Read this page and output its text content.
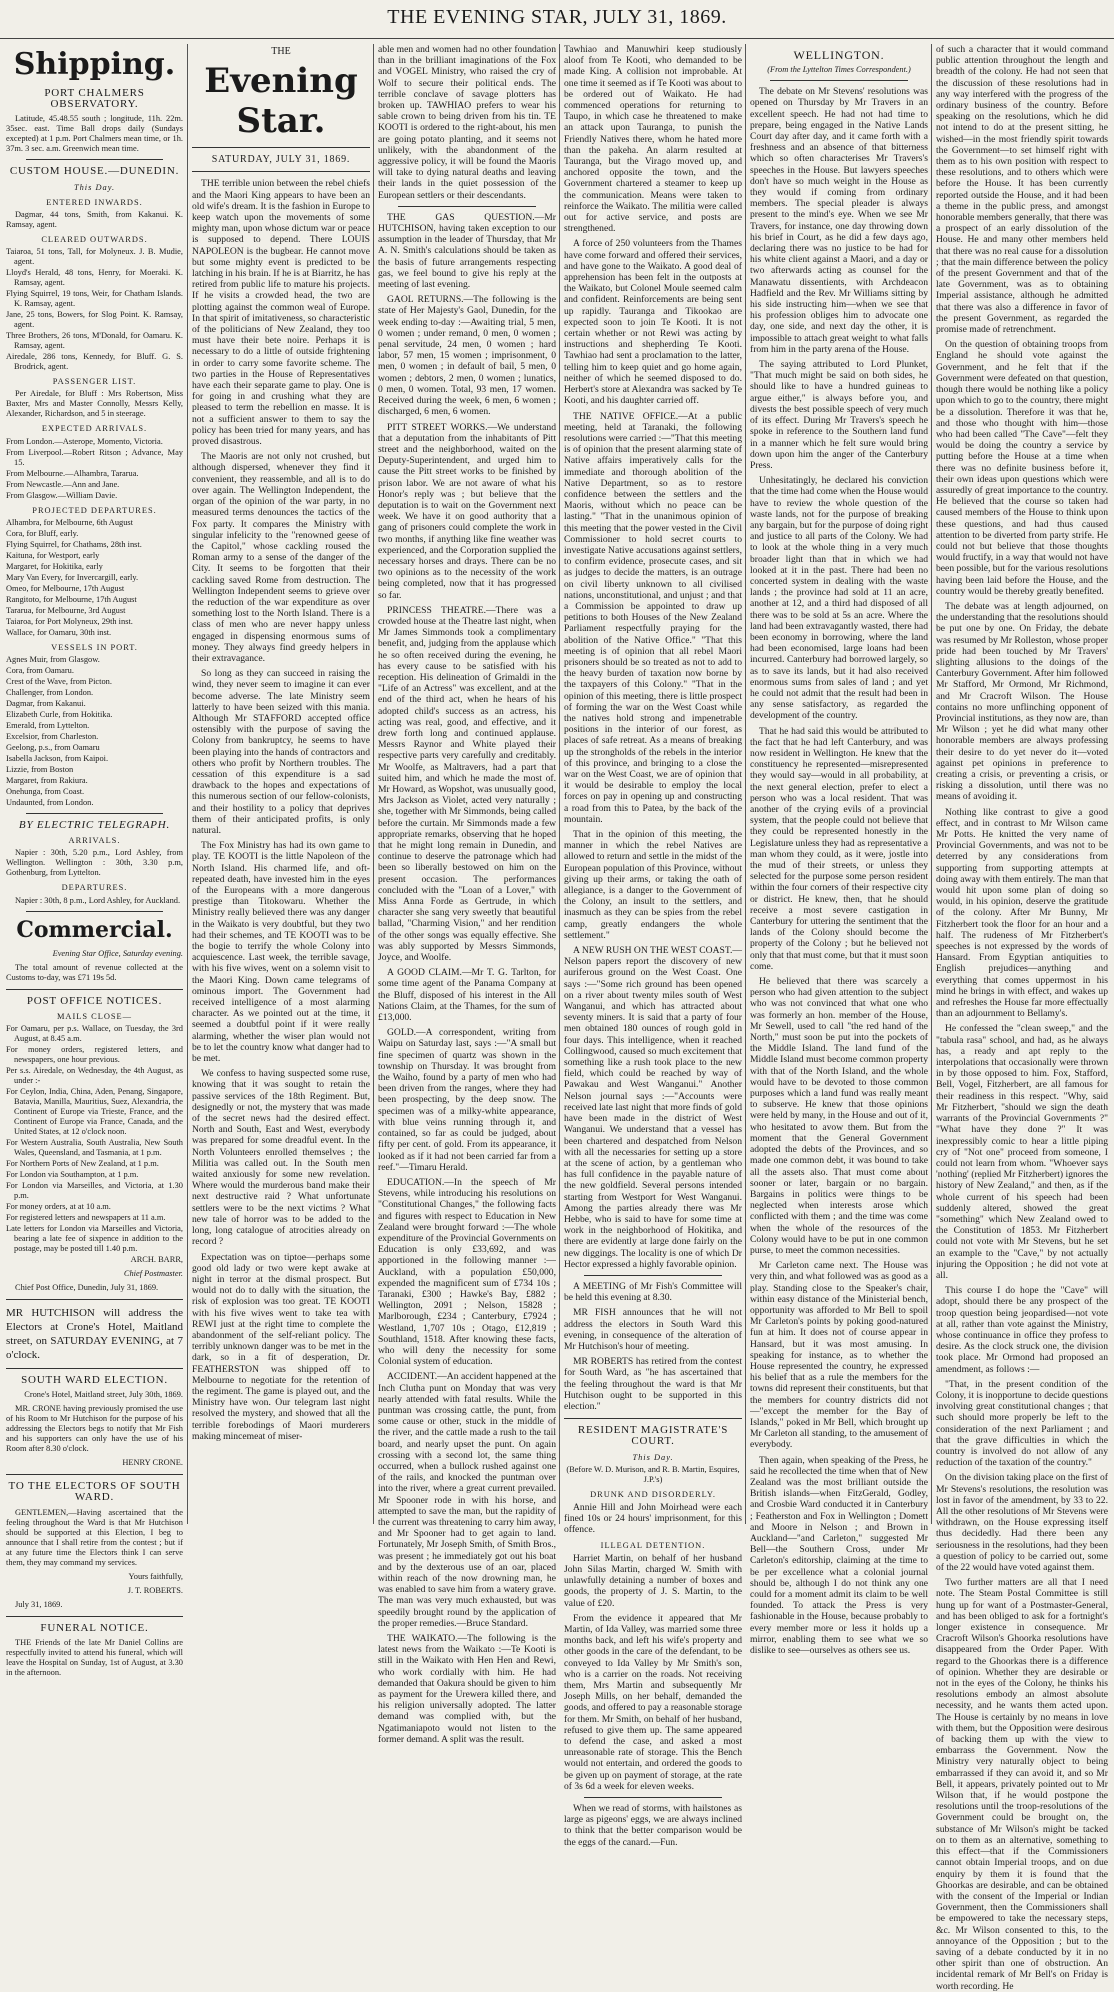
THE EVENING STAR, JULY 31, 1869.
Shipping.
PORT CHALMERS OBSERVATORY.

Latitude, 45.48.55 south ; longitude, 11h. 22m. 35sec. east. Time Ball drops daily (Sundays excepted) at 1 p.m. Port Chalmers mean time, or 1h. 37m. 3 sec. a.m. Greenwich mean time.

CUSTOM HOUSE.—DUNEDIN.
This Day.
ENTERED INWARDS.

Dagmar, 44 tons, Smith, from Kakanui. K. Ramsay, agent.

CLEARED OUTWARDS.

Taiaroa, 51 tons, Tall, for Molyneux. J. B. Mudie, agent.

Lloyd's Herald, 48 tons, Henry, for Moeraki. K. Ramsay, agent.

Flying Squirrel, 19 tons, Weir, for Chatham Islands. K. Ramsay, agent.

Jane, 25 tons, Bowers, for Slog Point. K. Ramsay, agent.

Three Brothers, 26 tons, M'Donald, for Oamaru. K. Ramsay, agent.

Airedale, 286 tons, Kennedy, for Bluff. G. S. Brodrick, agent.

PASSENGER LIST.

Per Airedale, for Bluff : Mrs Robertson, Miss Baxter, Mrs and Master Connolly, Messrs Kelly, Alexander, Richardson, and 5 in steerage.

EXPECTED ARRIVALS.

From London.—Asterope, Momento, Victoria.

From Liverpool.—Robert Ritson ; Advance, May 15.

From Melbourne.—Alhambra, Tararua.

From Newcastle.—Ann and Jane.

From Glasgow.—William Davie.

PROJECTED DEPARTURES.

Alhambra, for Melbourne, 6th August

Cora, for Bluff, early.

Flying Squirrel, for Chathams, 28th inst.

Kaituna, for Westport, early

Margaret, for Hokitika, early

Mary Van Every, for Invercargill, early.

Omeo, for Melbourne, 17th August

Rangitoto, for Melbourne, 17th August

Tararua, for Melbourne, 3rd August

Taiaroa, for Port Molyneux, 29th inst.

Wallace, for Oamaru, 30th inst.

VESSELS IN PORT.

Agnes Muir, from Glasgow.

Cora, from Oamaru.

Crest of the Wave, from Picton.

Challenger, from London.

Dagmar, from Kakanui.

Elizabeth Curle, from Hokitika.

Emerald, from Lyttelton.

Excelsior, from Charleston.

Geelong, p.s., from Oamaru

Isabella Jackson, from Kaipoi.

Lizzie, from Boston

Margaret, from Rakiura.

Onehunga, from Coast.

Undaunted, from London.

BY ELECTRIC TELEGRAPH.
ARRIVALS.

Napier : 30th, 5.20 p.m., Lord Ashley, from Wellington. Wellington : 30th, 3.30 p.m, Gothenburg, from Lyttelton.

DEPARTURES.

Napier : 30th, 8 p.m., Lord Ashley, for Auckland.

Commercial.

Evening Star Office, Saturday evening.

The total amount of revenue collected at the Customs to-day, was £71 19s 5d.

POST OFFICE NOTICES.
MAILS CLOSE—

For Oamaru, per p.s. Wallace, on Tuesday, the 3rd August, at 8.45 a.m.

For money orders, registered letters, and newspapers, one hour previous.

Per s.s. Airedale, on Wednesday, the 4th August, as under :-

For Ceylon, India, China, Aden, Penang, Singapore, Batavia, Manilla, Mauritius, Suez, Alexandria, the Continent of Europe via Trieste, France, and the Continent of Europe via France, Canada, and the United States, at 12 o'clock noon.

For Western Australia, South Australia, New South Wales, Queensland, and Tasmania, at 1 p.m.

For Northern Ports of New Zealand, at 1 p.m.

For London via Southampton, at 1 p.m.

For London via Marseilles, and Victoria, at 1.30 p.m.

For money orders, at at 10 a.m.

For registered letters and newspapers at 11 a.m.

Late letters for London via Marseilles and Victoria, bearing a late fee of sixpence in addition to the postage, may be posted till 1.40 p.m.

ARCH. BARR,

Chief Postmaster.

Chief Post Office, Dunedin, July 31, 1869.

MR HUTCHISON will address the Electors at Crone's Hotel, Maitland street, on SATURDAY EVENING, at 7 o'clock.

SOUTH WARD ELECTION.

Crone's Hotel, Maitland street, July 30th, 1869.

MR. CRONE having previously promised the use of his Room to Mr Hutchison for the purpose of his addressing the Electors begs to notify that Mr Fish and his supporters can only have the use of his Room after 8.30 o'clock.

HENRY CRONE.

TO THE ELECTORS OF SOUTH WARD.

GENTLEMEN,—Having ascertained that the feeling throughout the Ward is that Mr Hutchison should be supported at this Election, I beg to announce that I shall retire from the contest ; but if at any future time the Electors think I can serve them, they may command my services.

Yours faithfully,

J. T. ROBERTS.

July 31, 1869.

FUNERAL NOTICE.

THE Friends of the late Mr Daniel Collins are respectfully invited to attend his funeral, which will leave the Hospital on Sunday, 1st of August, at 3.30 in the afternoon.

THE
Evening Star.
SATURDAY, JULY 31, 1869.

THE terrible union between the rebel chiefs and the Maori King appears to have been an old wife's dream. It is the fashion in Europe to keep watch upon the movements of some mighty man, upon whose dictum war or peace is supposed to depend. There LOUIS NAPOLEON is the bugbear. He cannot move but some mighty event is predicted to be latching in his brain. If he is at Biarritz, he has retired from public life to mature his projects. If he visits a crowded head, the two are plotting against the common weal of Europe. In that spirit of imitativeness, so characteristic of the politicians of New Zealand, they too must have their bete noire. Perhaps it is necessary to do a little of outside frightening in order to carry some favorite scheme. The two parties in the House of Representatives have each their separate game to play. One is for going in and crushing what they are pleased to term the rebellion en masse. It is not a sufficient answer to them to say the policy has been tried for many years, and has proved disastrous.

The Maoris are not only not crushed, but although dispersed, whenever they find it convenient, they reassemble, and all is to do over again. The Wellington Independent, the organ of the opinion of the war party, in no measured terms denounces the tactics of the Fox party. It compares the Ministry with singular infelicity to the "renowned geese of the Capitol," whose cackling roused the Roman army to a sense of the danger of the City. It seems to be forgotten that their cackling saved Rome from destruction. The Wellington Independent seems to grieve over the reduction of the war expenditure as over something lost to the North Island. There is a class of men who are never happy unless engaged in dispensing enormous sums of money. They always find greedy helpers in their extravagance.

So long as they can succeed in raising the wind, they never seem to imagine it can ever become adverse. The late Ministry seem latterly to have been seized with this mania. Although Mr STAFFORD accepted office ostensibly with the purpose of saving the Colony from bankruptcy, he seems to have been playing into the hands of contractors and others who profit by Northern troubles. The cessation of this expenditure is a sad drawback to the hopes and expectations of this numerous section of our fellow-colonists, and their hostility to a policy that deprives them of their anticipated profits, is only natural.

The Fox Ministry has had its own game to play. TE KOOTI is the little Napoleon of the North Island. His charmed life, and oft-repeated death, have invested him in the eyes of the Europeans with a more dangerous prestige than Titokowaru. Whether the Ministry really believed there was any danger in the Waikato is very doubtful, but they two had their schemes, and TE KOOTI was to be the bogie to terrify the whole Colony into acquiescence. Last week, the terrible savage, with his five wives, went on a solemn visit to the Maori King. Down came telegrams of ominous import. The Government had received intelligence of a most alarming character. As we pointed out at the time, it seemed a doubtful point if it were really alarming, whether the wiser plan would not be to let the country know what danger had to be met.

We confess to having suspected some ruse, knowing that it was sought to retain the passive services of the 18th Regiment. But, designedly or not, the mystery that was made of the secret news had the desired effect. North and South, East and West, everybody was prepared for some dreadful event. In the North Volunteers enrolled themselves ; the Militia was called out. In the South men waited anxiously for some new revelation. Where would the murderous band make their next destructive raid ? What unfortunate settlers were to be the next victims ? What new tale of horror was to be added to the long, long catalogue of atrocities already on record ?

Expectation was on tiptoe—perhaps some good old lady or two were kept awake at night in terror at the dismal prospect. But would not do to dally with the situation, the risk of explosion was too great. TE KOOTI with his five wives went to take tea with REWI just at the right time to complete the abandonment of the self-reliant policy. The terribly unknown danger was to be met in the dark, so in a fit of desperation, Dr. FEATHERSTON was shipped off to Melbourne to negotiate for the retention of the regiment. The game is played out, and the Ministry have won. Our telegram last night resolved the mystery, and showed that all the terrible forebodings of Maori murderers making mincemeat of miser-

able men and women had no other foundation than in the brilliant imaginations of the Fox and VOGEL Ministry, who raised the cry of Wolf to secure their political ends. The terrible conclave of savage plotters has broken up. TAWHIAO prefers to wear his sable crown to being driven from his tin. TE KOOTI is ordered to the right-about, his men are going potato planting, and it seems not unlikely, with the abandonment of the aggressive policy, it will be found the Maoris will take to dying natural deaths and leaving their lands in the quiet possession of the European settlers or their descendants.

THE GAS QUESTION.—Mr HUTCHISON, having taken exception to our assumption in the leader of Thursday, that Mr A. N. Smith's calculations should be taken as the basis of future arrangements respecting gas, we feel bound to give his reply at the meeting of last evening.

GAOL RETURNS.—The following is the state of Her Majesty's Gaol, Dunedin, for the week ending to-day :—Awaiting trial, 5 men, 0 women ; under remand, 0 men, 0 women ; penal servitude, 24 men, 0 women ; hard labor, 57 men, 15 women ; imprisonment, 0 men, 0 women ; in default of bail, 5 men, 0 women ; debtors, 2 men, 0 women ; lunatics, 0 men, 0 women. Total, 93 men, 17 women. Received during the week, 6 men, 6 women ; discharged, 6 men, 6 women.

PITT STREET WORKS.—We understand that a deputation from the inhabitants of Pitt street and the neighborhood, waited on the Deputy-Superintendent, and urged him to cause the Pitt street works to be finished by prison labor. We are not aware of what his Honor's reply was ; but believe that the deputation is to wait on the Government next week. We have it on good authority that a gang of prisoners could complete the work in two months, if anything like fine weather was experienced, and the Corporation supplied the necessary horses and drays. There can be no two opinions as to the necessity of the work being completed, now that it has progressed so far.

PRINCESS THEATRE.—There was a crowded house at the Theatre last night, when Mr James Simmonds took a complimentary benefit, and, judging from the applause which he so often received during the evening, he has every cause to be satisfied with his reception. His delineation of Grimaldi in the "Life of an Actress" was excellent, and at the end of the third act, when he hears of his adopted child's success as an actress, his acting was real, good, and effective, and it drew forth long and continued applause. Messrs Raynor and White played their respective parts very carefully and creditably. Mr Woolfe, as Maltravers, had a part that suited him, and which he made the most of. Mr Howard, as Wopshot, was unusually good, Mrs Jackson as Violet, acted very naturally ; she, together with Mr Simmonds, being called before the curtain. Mr Simmonds made a few appropriate remarks, observing that he hoped that he might long remain in Dunedin, and continue to deserve the patronage which had been so liberally bestowed on him on the present occasion. The performances concluded with the "Loan of a Lover," with Miss Anna Forde as Gertrude, in which character she sang very sweetly that beautiful ballad, "Charming Vision," and her rendition of the other songs was equally effective. She was ably supported by Messrs Simmonds, Joyce, and Woolfe.

A GOOD CLAIM.—Mr T. G. Tarlton, for some time agent of the Panama Company at the Bluff, disposed of his interest in the All Nations Claim, at the Thames, for the sum of £13,000.

GOLD.—A correspondent, writing from Waipu on Saturday last, says :—"A small but fine specimen of quartz was shown in the township on Thursday. It was brought from the Waiho, found by a party of men who had been driven from the ranges, where they had been prospecting, by the deep snow. The specimen was of a milky-white appearance, with blue veins running through it, and contained, so far as could be judged, about fifty per cent. of gold. From its appearance, it looked as if it had not been carried far from a reef."—Timaru Herald.

EDUCATION.—In the speech of Mr Stevens, while introducing his resolutions on "Constitutional Changes," the following facts and figures with respect to Education in New Zealand were brought forward :—The whole expenditure of the Provincial Governments on Education is only £33,692, and was apportioned in the following manner :—Auckland, with a population £50,000, expended the magnificent sum of £734 10s ; Taranaki, £300 ; Hawke's Bay, £882 ; Wellington, 2091 ; Nelson, 15828 ; Marlborough, £234 ; Canterbury, £7924 ; Westland, 1,707 10s ; Otago, £12,819 ; Southland, 1518. After knowing these facts, who will deny the necessity for some Colonial system of education.

ACCIDENT.—An accident happened at the Inch Clutha punt on Monday that was very nearly attended with fatal results. While the puntman was crossing cattle, the punt, from some cause or other, stuck in the middle of the river, and the cattle made a rush to the tail board, and nearly upset the punt. On again crossing with a second lot, the same thing occurred, when a bullock rushed against one of the rails, and knocked the puntman over into the river, where a great current prevailed. Mr Spooner rode in with his horse, and attempted to save the man, but the rapidity of the current was threatening to carry him away, and Mr Spooner had to get again to land. Fortunately, Mr Joseph Smith, of Smith Bros., was present ; he immediately got out his boat and by the dexterous use of an oar, placed within reach of the now drowning man, he was enabled to save him from a watery grave. The man was very much exhausted, but was speedily brought round by the application of the proper remedies.—Bruce Standard.

THE WAIKATO.—The following is the latest news from the Waikato :—Te Kooti is still in the Waikato with Hen Hen and Rewi, who work cordially with him. He had demanded that Oakura should be given to him as payment for the Urewera killed there, and his religion universally adopted. The latter demand was complied with, but the Ngatimaniapoto would not listen to the former demand. A split was the result.

Tawhiao and Manuwhiri keep studiously aloof from Te Kooti, who demanded to be made King. A collision not improbable. At one time it seemed as if Te Kooti was about to be ordered out of Waikato. He had commenced operations for returning to Taupo, in which case he threatened to make an attack upon Tauranga, to punish the Friendly Natives there, whom he hated more than the pakeha. An alarm resulted at Tauranga, but the Virago moved up, and anchored opposite the town, and the Government chartered a steamer to keep up the communication. Means were taken to reinforce the Waikato. The militia were called out for active service, and posts are strengthened.

A force of 250 volunteers from the Thames have come forward and offered their services, and have gone to the Waikato. A good deal of apprehension has been felt in the outposts at the Waikato, but Colonel Moule seemed calm and confident. Reinforcements are being sent up rapidly. Tauranga and Tikookao are expected soon to join Te Kooti. It is not certain whether or not Rewi was acting by instructions and shepherding Te Kooti. Tawhiao had sent a proclamation to the latter, telling him to keep quiet and go home again, neither of which he seemed disposed to do. Herbert's store at Alexandra was sacked by Te Kooti, and his daughter carried off.

THE NATIVE OFFICE.—At a public meeting, held at Taranaki, the following resolutions were carried :—"That this meeting is of opinion that the present alarming state of Native affairs imperatively calls for the immediate and thorough abolition of the Native Department, so as to restore confidence between the settlers and the Maoris, without which no peace can be lasting." "That in the unanimous opinion of this meeting that the power vested in the Civil Commissioner to hold secret courts to investigate Native accusations against settlers, to confirm evidence, prosecute cases, and sit as judges to decide the matters, is an outrage on civil liberty unknown to all civilised nations, unconstitutional, and unjust ; and that a Commission be appointed to draw up petitions to both Houses of the New Zealand Parliament respectfully praying for the abolition of the Native Office." "That this meeting is of opinion that all rebel Maori prisoners should be so treated as not to add to the heavy burden of taxation now borne by the taxpayers of this Colony." "That in the opinion of this meeting, there is little prospect of forming the war on the West Coast while the natives hold strong and impenetrable positions in the interior of our forest, as places of safe retreat. As a means of breaking up the strongholds of the rebels in the interior of this province, and bringing to a close the war on the West Coast, we are of opinion that it would be desirable to employ the local forces on pay in opening up and constructing a road from this to Patea, by the back of the mountain.

That in the opinion of this meeting, the manner in which the rebel Natives are allowed to return and settle in the midst of the European population of this Province, without giving up their arms, or taking the oath of allegiance, is a danger to the Government of the Colony, an insult to the settlers, and inasmuch as they can be spies from the rebel camp, greatly endangers the whole settlement."

A NEW RUSH ON THE WEST COAST.—Nelson papers report the discovery of new auriferous ground on the West Coast. One says :—"Some rich ground has been opened on a river about twenty miles south of West Wanganui, and which has attracted about seventy miners. It is said that a party of four men obtained 180 ounces of rough gold in four days. This intelligence, when it reached Collingwood, caused so much excitement that something like a rush took place to the new field, which could be reached by way of Pawakau and West Wanganui." Another Nelson journal says :—"Accounts were received late last night that more finds of gold have been made in the district of West Wanganui. We understand that a vessel has been chartered and despatched from Nelson with all the necessaries for setting up a store at the scene of action, by a gentleman who has full confidence in the payable nature of the new goldfield. Several persons intended starting from Westport for West Wanganui. Among the parties already there was Mr Hebbe, who is said to have for some time at work in the neighborhood of Hokitika, and there are evidently at large done fairly on the new diggings. The locality is one of which Dr Hector expressed a highly favorable opinion.

A MEETING of Mr Fish's Committee will be held this evening at 8.30.

MR FISH announces that he will not address the electors in South Ward this evening, in consequence of the alteration of Mr Hutchison's hour of meeting.

MR ROBERTS has retired from the contest for South Ward, as "he has ascertained that the feeling throughout the ward is that Mr Hutchison ought to be supported in this election."

RESIDENT MAGISTRATE'S COURT.
This Day.

(Before W. D. Murison, and R. B. Martin, Esquires, J.P.'s)

DRUNK AND DISORDERLY.

Annie Hill and John Moirhead were each fined 10s or 24 hours' imprisonment, for this offence.

ILLEGAL DETENTION.

Harriet Martin, on behalf of her husband John Silas Martin, charged W. Smith with unlawfully detaining a number of boxes and goods, the property of J. S. Martin, to the value of £20.

From the evidence it appeared that Mr Martin, of Ida Valley, was married some three months back, and left his wife's property and other goods in the care of the defendant, to be conveyed to Ida Valley by Mr Smith's son, who is a carrier on the roads. Not receiving them, Mrs Martin and subsequently Mr Joseph Mills, on her behalf, demanded the goods, and offered to pay a reasonable storage for them. Mr Smith, on behalf of her husband, refused to give them up. The same appeared to defend the case, and asked a most unreasonable rate of storage. This the Bench would not entertain, and ordered the goods to be given up on payment of storage, at the rate of 3s 6d a week for eleven weeks.

When we read of storms, with hailstones as large as pigeons' eggs, we are always inclined to think that the better comparison would be the eggs of the canard.—Fun.

WELLINGTON.
(From the Lyttelton Times Correspondent.)

The debate on Mr Stevens' resolutions was opened on Thursday by Mr Travers in an excellent speech. He had not had time to prepare, being engaged in the Native Lands Court day after day, and it came forth with a freshness and an absence of that bitterness which so often characterises Mr Travers's speeches in the House. But lawyers speeches don't have so much weight in the House as they would if coming from ordinary members. The special pleader is always present to the mind's eye. When we see Mr Travers, for instance, one day throwing down his brief in Court, as he did a few days ago, declaring there was no justice to be had for his white client against a Maori, and a day or two afterwards acting as counsel for the Manawatu dissentients, with Archdeacon Hadfield and the Rev. Mr Williams sitting by his side instructing him—when we see that his profession obliges him to advocate one day, one side, and next day the other, it is impossible to attach great weight to what falls from him in the party arena of the House.

The saying attributed to Lord Plunket, "That much might be said on both sides, he should like to have a hundred guineas to argue either," is always before you, and divests the best possible speech of very much of its effect. During Mr Travers's speech he spoke in reference to the Southern land fund in a manner which he felt sure would bring down upon him the anger of the Canterbury Press.

Unhesitatingly, he declared his conviction that the time had come when the House would have to review the whole question of the waste lands, not for the purpose of breaking any bargain, but for the purpose of doing right and justice to all parts of the Colony. We had to look at the whole thing in a very much broader light than that in which we had looked at it in the past. There had been no concerted system in dealing with the waste lands ; the province had sold at 11 an acre, another at 12, and a third had disposed of all there was to be sold at 5s an acre. Where the land had been extravagantly wasted, there had been economy in borrowing, where the land had been economised, large loans had been incurred. Canterbury had borrowed largely, so as to save its lands, but it had also received enormous sums from sales of land ; and yet he could not admit that the result had been in any sense satisfactory, as regarded the development of the country.

That he had said this would be attributed to the fact that he had left Canterbury, and was now resident in Wellington. He knew that the constituency he represented—misrepresented they would say—would in all probability, at the next general election, prefer to elect a person who was a local resident. That was another of the crying evils of a provincial system, that the people could not believe that they could be represented honestly in the Legislature unless they had as representative a man whom they could, as it were, jostle into the mud of their streets, or unless they selected for the purpose some person resident within the four corners of their respective city or district. He knew, then, that he should receive a most severe castigation in Canterbury for uttering the sentiment that the lands of the Colony should become the property of the Colony ; but he believed not only that that must come, but that it must soon come.

He believed that there was scarcely a person who had given attention to the subject who was not convinced that what one who was formerly an hon. member of the House, Mr Sewell, used to call "the red hand of the North," must soon be put into the pockets of the Middle Island. The land fund of the Middle Island must become common property with that of the North Island, and the whole would have to be devoted to those common purposes which a land fund was really meant to subserve. He knew that those opinions were held by many, in the House and out of it, who hesitated to avow them. But from the moment that the General Government adopted the debts of the Provinces, and so made one common debt, it was bound to take all the assets also. That must come about sooner or later, bargain or no bargain. Bargains in politics were things to be neglected when interests arose which conflicted with them ; and the time was come when the whole of the resources of the Colony would have to be put in one common purse, to meet the common necessities.

Mr Carleton came next. The House was very thin, and what followed was as good as a play. Standing close to the Speaker's chair, within easy distance of the Ministerial bench, opportunity was afforded to Mr Bell to spoil Mr Carleton's points by poking good-natured fun at him. It does not of course appear in Hansard, but it was most amusing. In speaking for instance, as to whether the House represented the country, he expressed his belief that as a rule the members for the towns did represent their constituents, but that the members for country districts did not—"except the member for the Bay of Islands," poked in Mr Bell, which brought up Mr Carleton all standing, to the amusement of everybody.

Then again, when speaking of the Press, he said he recollected the time when that of New Zealand was the most brilliant outside the British islands—when FitzGerald, Godley, and Crosbie Ward conducted it in Canterbury ; Featherston and Fox in Wellington ; Domett and Moore in Nelson ; and Brown in Auckland—"and Carleton," suggested Mr Bell—the Southern Cross, under Mr Carleton's editorship, claiming at the time to be per excellence what a colonial journal should be, although I do not think any one could for a moment admit its claim to be well founded. To attack the Press is very fashionable in the House, because probably to every member more or less it holds up a mirror, enabling them to see what we so dislike to see—ourselves as others see us.

of such a character that it would command public attention throughout the length and breadth of the colony. He had not seen that the discussion of these resolutions had in any way interfered with the progress of the ordinary business of the country. Before speaking on the resolutions, which he did not intend to do at the present sitting, he wished—in the most friendly spirit towards the Government—to set himself right with them as to his own position with respect to these resolutions, and to others which were before the House. It has been currently reported outside the House, and it had been a theme in the public press, and amongst honorable members generally, that there was a prospect of an early dissolution of the House. He and many other members held that there was no real cause for a dissolution ; that the main difference between the policy of the present Government and that of the late Government, was as to obtaining Imperial assistance, although he admitted that there was also a difference in favor of the present Government, as regarded the promise made of retrenchment.

On the question of obtaining troops from England he should vote against the Government, and he felt that if the Government were defeated on that question, though there would be nothing like a policy upon which to go to the country, there might be a dissolution. Therefore it was that he, and those who thought with him—those who had been called "The Cave"—felt they would be doing the country a service by putting before the House at a time when there was no definite business before it, their own ideas upon questions which were assuredly of great importance to the country. He believed that the course so taken had caused members of the House to think upon these questions, and had thus caused attention to be diverted from party strife. He could not but believe that those thoughts would fructify, in a way that would not have been possible, but for the various resolutions having been laid before the House, and the country would be thereby greatly benefited.

The debate was at length adjourned, on the understanding that the resolutions should be put one by one. On Friday, the debate was resumed by Mr Rolleston, whose proper pride had been touched by Mr Travers' slighting allusions to the doings of the Canterbury Government. After him followed Mr Stafford, Mr Ormond, Mr Richmond, and Mr Cracroft Wilson. The House contains no more unflinching opponent of Provincial institutions, as they now are, than Mr Wilson ; yet he did what many other honorable members are always professing their desire to do yet never do it—voted against pet opinions in preference to creating a crisis, or preventing a crisis, or risking a dissolution, until there was no means of avoiding it.

Nothing like contrast to give a good effect, and in contrast to Mr Wilson came Mr Potts. He knitted the very name of Provincial Governments, and was not to be deterred by any considerations from supporting from supporting attempts at doing away with them entirely. The man that would hit upon some plan of doing so would, in his opinion, deserve the gratitude of the colony. After Mr Bunny, Mr Fitzherbert took the floor for an hour and a half. The rudeness of Mr Fitzherbert's speeches is not expressed by the words of Hansard. From Egyptian antiquities to English prejudices—anything and everything that comes uppermost in his mind he brings in with effect, and wakes up and refreshes the House far more effectually than an adjournment to Bellamy's.

He confessed the "clean sweep," and the "tabula rasa" school, and had, as he always has, a ready and apt reply to the interpolations that occasionally were thrown in by those opposed to him. Fox, Stafford, Bell, Vogel, Fitzherbert, are all famous for their readiness in this respect. "Why, said Mr Fitzherbert, "should we sign the death warrants of the Provincial Governments ?" "What have they done ?" It was inexpressibly comic to hear a little piping cry of "Not one" proceed from someone, I could not learn from whom. "Whoever says 'nothing' (replied Mr Fitzherbert) ignores the history of New Zealand," and then, as if the whole current of his speech had been suddenly altered, showed the great "something" which New Zealand owed to the Constitution of 1853. Mr Fitzherbert could not vote with Mr Stevens, but he set an example to the "Cave," by not actually injuring the Opposition ; he did not vote at all.

This course I do hope the "Cave" will adopt, should there be any prospect of the troop question being jeopardised—not vote at all, rather than vote against the Ministry, whose continuance in office they profess to desire. As the clock struck one, the division took place. Mr Ormond had proposed an amendment, as follows :—

"That, in the present condition of the Colony, it is inopportune to decide questions involving great constitutional changes ; that such should more properly be left to the consideration of the next Parliament ; and that the grave difficulties in which the country is involved do not allow of any reduction of the taxation of the country."

On the division taking place on the first of Mr Stevens's resolutions, the resolution was lost in favor of the amendment, by 33 to 22. All the other resolutions of Mr Stevens were withdrawn, on the House expressing itself thus decidedly. Had there been any seriousness in the resolutions, had they been a question of policy to be carried out, some of the 22 would have voted against them.

Two further matters are all that I need note. The Steam Postal Committee is still hung up for want of a Postmaster-General, and has been obliged to ask for a fortnight's longer existence in consequence. Mr Cracroft Wilson's Ghoorka resolutions have disappeared from the Order Paper. With regard to the Ghoorkas there is a difference of opinion. Whether they are desirable or not in the eyes of the Colony, he thinks his resolutions embody an almost absolute necessity, and he wants them acted upon. The House is certainly by no means in love with them, but the Opposition were desirous of backing them up with the view to embarrass the Government. Now the Ministry very naturally object to being embarrassed if they can avoid it, and so Mr Bell, it appears, privately pointed out to Mr Wilson that, if he would postpone the resolutions until the troop-resolutions of the Government could be brought on, the substance of Mr Wilson's might be tacked on to them as an alternative, something to this effect—that if the Commissioners cannot obtain Imperial troops, and on due enquiry by them it is found that the Ghoorkas are desirable, and can be obtained with the consent of the Imperial or Indian Government, then the Commissioners shall be empowered to take the necessary steps, &c. Mr Wilson consented to this, to the annoyance of the Opposition ; but to the saving of a debate conducted by it in no other spirit than one of obstruction. An incidental remark of Mr Bell's on Friday is worth recording. He
